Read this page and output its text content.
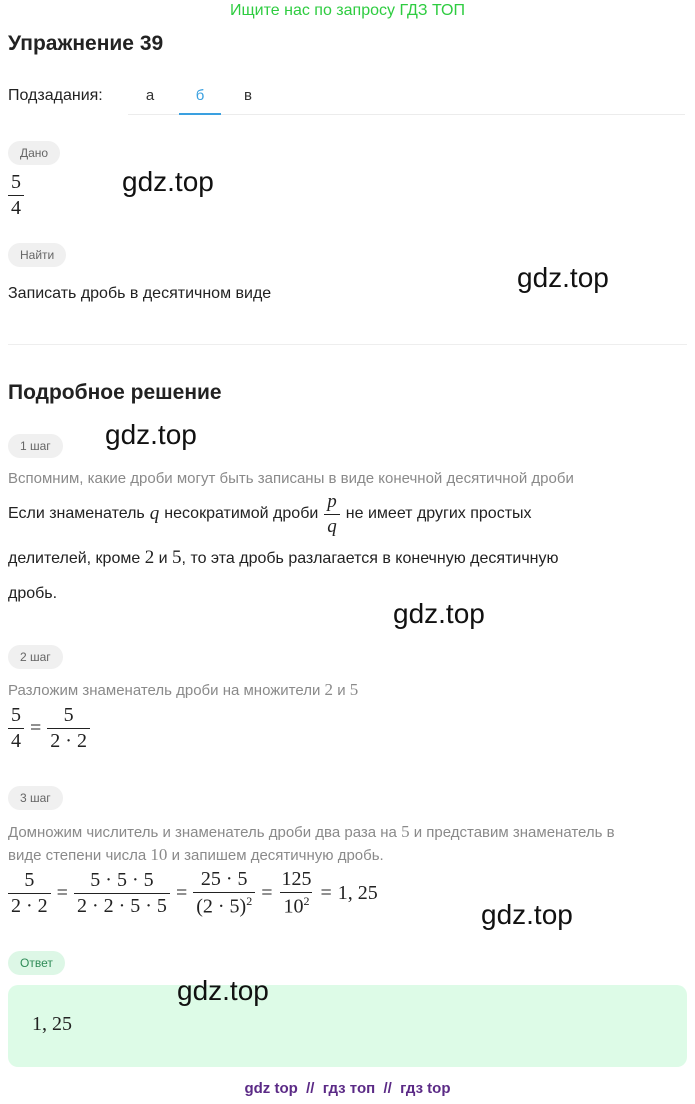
Ищите нас по запросу ГДЗ ТОП
Упражнение 39
Подзадания:	а	б	в
Дано
$\frac{5}{4}$
Найти
Записать дробь в десятичном виде
Подробное решение
1 шаг
Вспомним, какие дроби могут быть записаны в виде конечной десятичной дроби
Если знаменатель q несократимой дроби $\frac{p}{q}$ не имеет других простых
делителей, кроме 2 и 5, то эта дробь разлагается в конечную десятичную
дробь.
2 шаг
Разложим знаменатель дроби на множители 2 и 5
$\frac{5}{4} = \frac{5}{2 \cdot 2}$
3 шаг
Домножим числитель и знаменатель дроби два раза на 5 и представим знаменатель в
виде степени числа 10 и запишем десятичную дробь.
$\frac{5}{2 \cdot 2} = \frac{5 \cdot 5 \cdot 5}{2 \cdot 2 \cdot 5 \cdot 5} = \frac{25 \cdot 5}{(2 \cdot 5)^2} = \frac{125}{10^2} = 1$, 25
Ответ
1, 25
gdz.top
gdz.top
gdz.top
gdz.top
gdz.top
gdz.top
gdz top  //  гдз топ  //  гдз top
